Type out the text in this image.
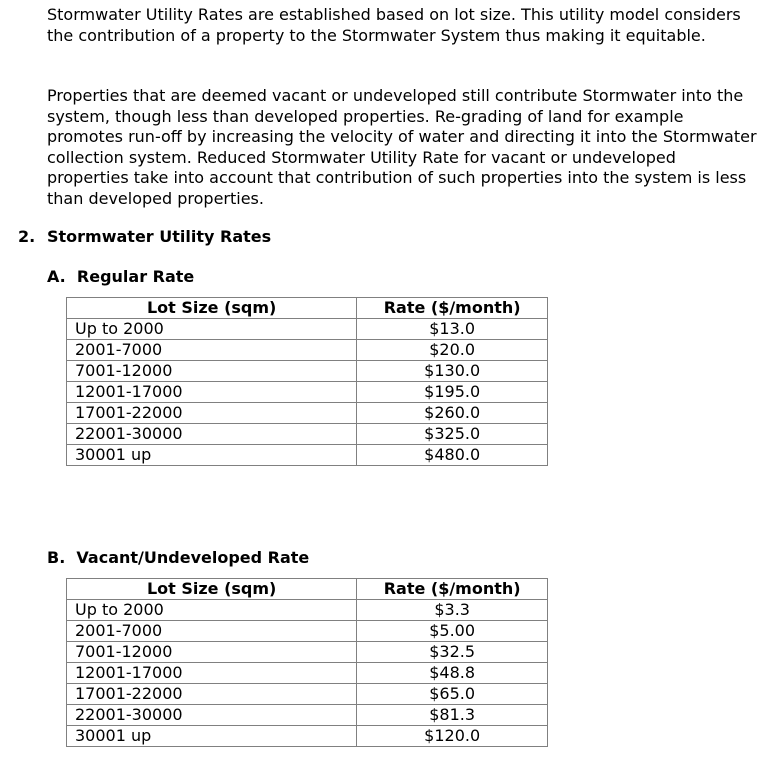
Stormwater Utility Rates are established based on lot size. This utility model considers the contribution of a property to the Stormwater System thus making it equitable.

Properties that are deemed vacant or undeveloped still contribute Stormwater into the system, though less than developed properties. Re-grading of land for example promotes run-off by increasing the velocity of water and directing it into the Stormwater collection system. Reduced Stormwater Utility Rate for vacant or undeveloped properties take into account that contribution of such properties into the system is less than developed properties.

2. Stormwater Utility Rates

A.  Regular Rate

Lot Size (sqm)	Rate ($/month)
Up to 2000	$13.0
2001-7000	$20.0
7001-12000	$130.0
12001-17000	$195.0
17001-22000	$260.0
22001-30000	$325.0
30001 up	$480.0

B.  Vacant/Undeveloped Rate

Lot Size (sqm)	Rate ($/month)
Up to 2000	$3.3
2001-7000	$5.00
7001-12000	$32.5
12001-17000	$48.8
17001-22000	$65.0
22001-30000	$81.3
30001 up	$120.0
